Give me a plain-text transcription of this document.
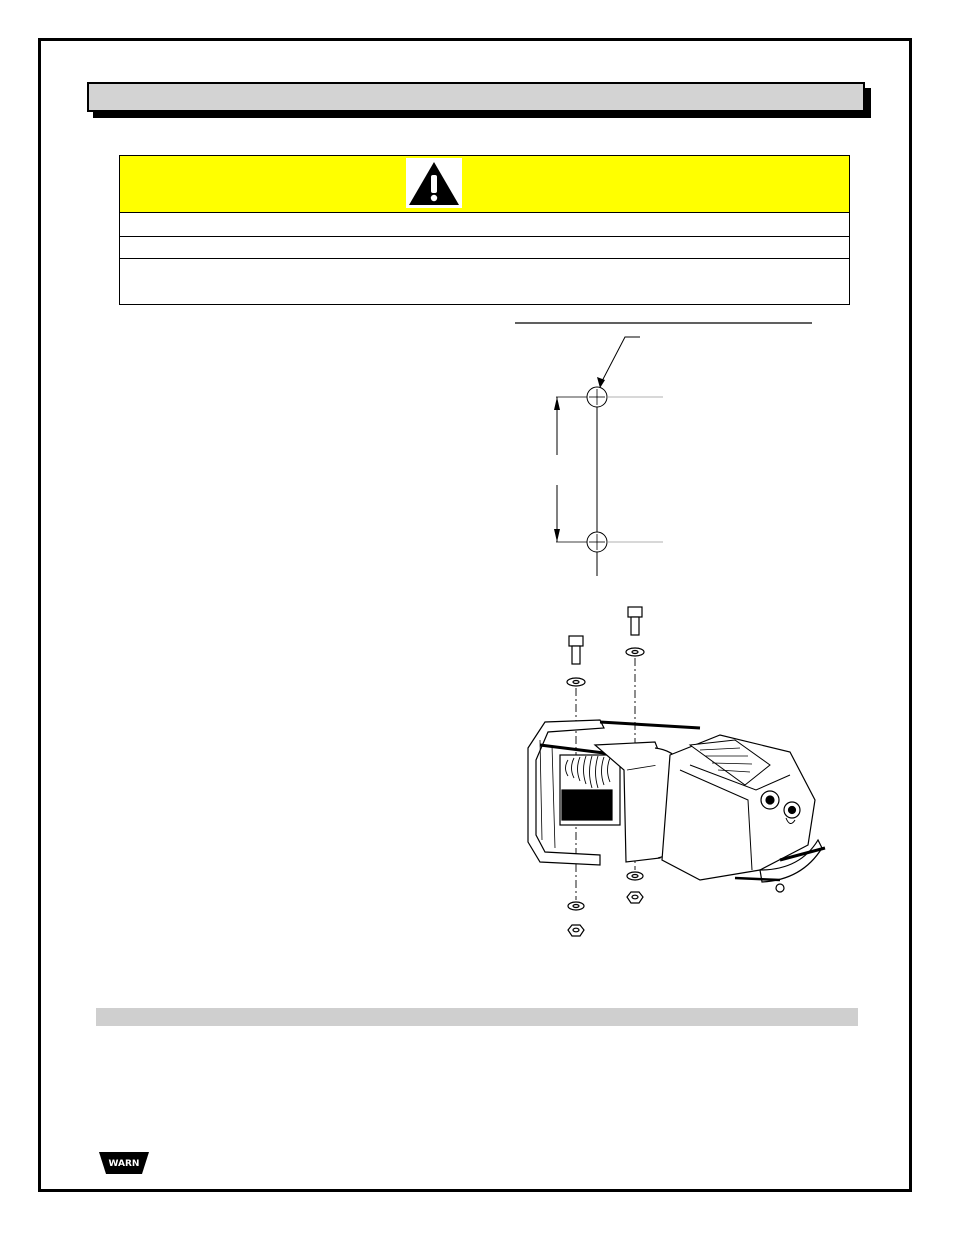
WARN
